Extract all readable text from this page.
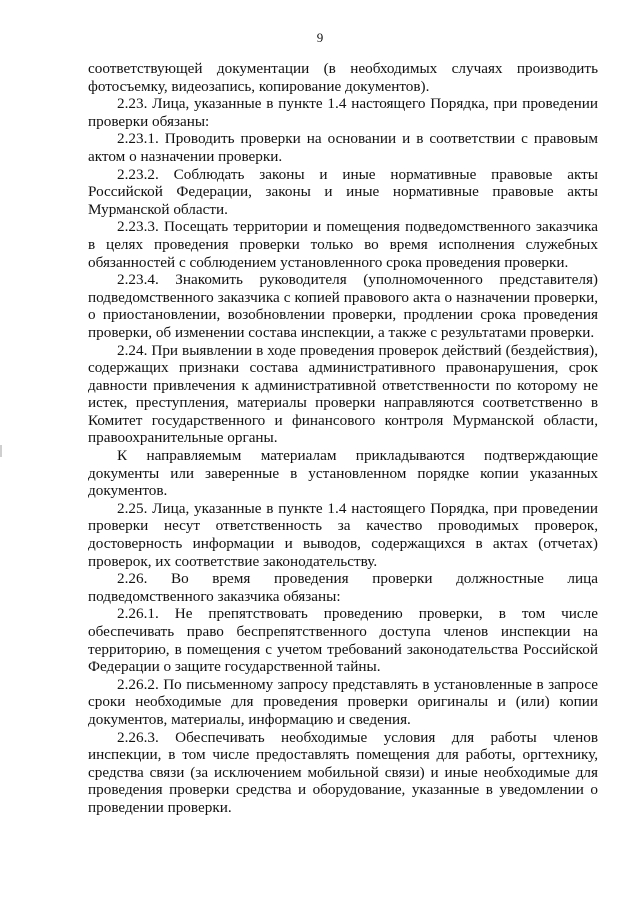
9

соответствующей документации (в необходимых случаях производить фотосъемку, видеозапись, копирование документов).

2.23. Лица, указанные в пункте 1.4 настоящего Порядка, при проведении проверки обязаны:

2.23.1. Проводить проверки на основании и в соответствии с правовым актом о назначении проверки.

2.23.2. Соблюдать законы и иные нормативные правовые акты Российской Федерации, законы и иные нормативные правовые акты Мурманской области.

2.23.3. Посещать территории и помещения подведомственного заказчика в целях проведения проверки только во время исполнения служебных обязанностей с соблюдением установленного срока проведения проверки.

2.23.4. Знакомить руководителя (уполномоченного представителя) подведомственного заказчика с копией правового акта о назначении проверки, о приостановлении, возобновлении проверки, продлении срока проведения проверки, об изменении состава инспекции, а также с результатами проверки.

2.24. При выявлении в ходе проведения проверок действий (бездействия), содержащих признаки состава административного правонарушения, срок давности привлечения к административной ответственности по которому не истек, преступления, материалы проверки направляются соответственно в Комитет государственного и финансового контроля Мурманской области, правоохранительные органы.

К направляемым материалам прикладываются подтверждающие документы или заверенные в установленном порядке копии указанных документов.

2.25. Лица, указанные в пункте 1.4 настоящего Порядка, при проведении проверки несут ответственность за качество проводимых проверок, достоверность информации и выводов, содержащихся в актах (отчетах) проверок, их соответствие законодательству.

2.26. Во время проведения проверки должностные лица подведомственного заказчика обязаны:

2.26.1. Не препятствовать проведению проверки, в том числе обеспечивать право беспрепятственного доступа членов инспекции на территорию, в помещения с учетом требований законодательства Российской Федерации о защите государственной тайны.

2.26.2. По письменному запросу представлять в установленные в запросе сроки необходимые для проведения проверки оригиналы и (или) копии документов, материалы, информацию и сведения.

2.26.3. Обеспечивать необходимые условия для работы членов инспекции, в том числе предоставлять помещения для работы, оргтехнику, средства связи (за исключением мобильной связи) и иные необходимые для проведения проверки средства и оборудование, указанные в уведомлении о проведении проверки.
